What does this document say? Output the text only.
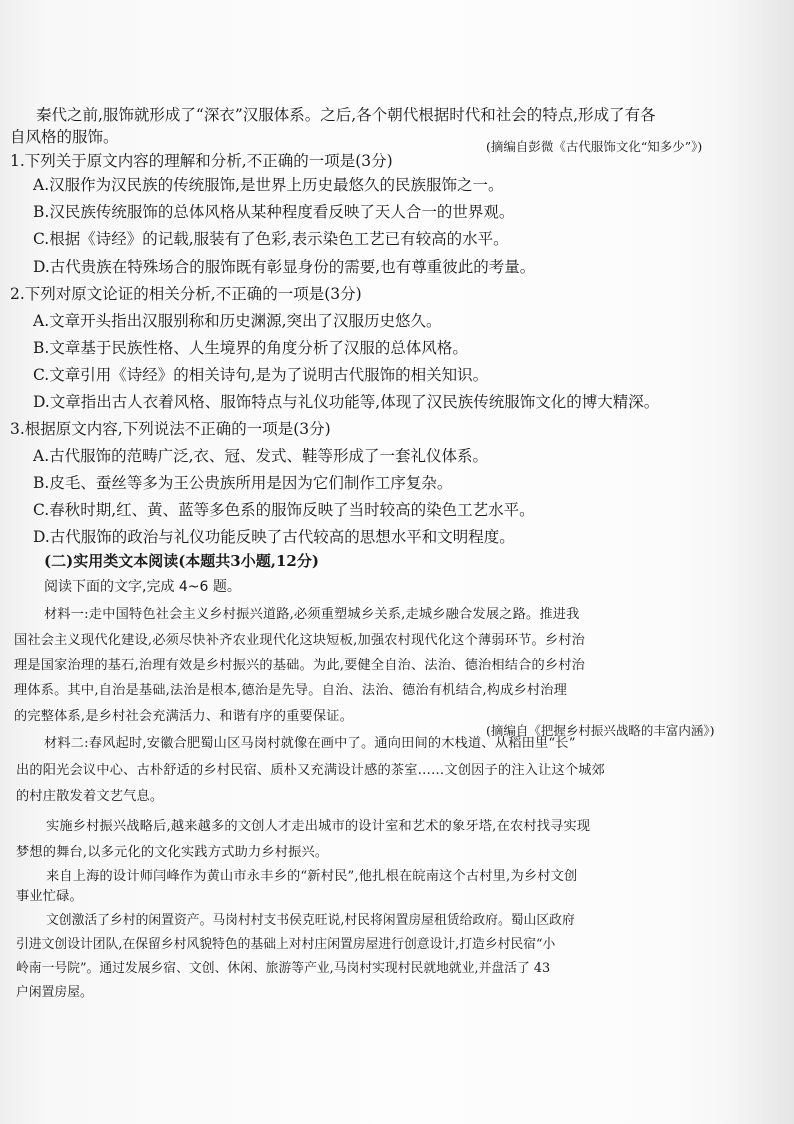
秦代之前,服饰就形成了“深衣”汉服体系。之后,各个朝代根据时代和社会的特点,形成了有各
自风格的服饰。
(摘编自彭微《古代服饰文化“知多少”》)
1.下列关于原文内容的理解和分析,不正确的一项是(3分)
A.汉服作为汉民族的传统服饰,是世界上历史最悠久的民族服饰之一。
B.汉民族传统服饰的总体风格从某种程度看反映了天人合一的世界观。
C.根据《诗经》的记载,服装有了色彩,表示染色工艺已有较高的水平。
D.古代贵族在特殊场合的服饰既有彰显身份的需要,也有尊重彼此的考量。
2.下列对原文论证的相关分析,不正确的一项是(3分)
A.文章开头指出汉服别称和历史渊源,突出了汉服历史悠久。
B.文章基于民族性格、人生境界的角度分析了汉服的总体风格。
C.文章引用《诗经》的相关诗句,是为了说明古代服饰的相关知识。
D.文章指出古人衣着风格、服饰特点与礼仪功能等,体现了汉民族传统服饰文化的博大精深。
3.根据原文内容,下列说法不正确的一项是(3分)
A.古代服饰的范畴广泛,衣、冠、发式、鞋等形成了一套礼仪体系。
B.皮毛、蚕丝等多为王公贵族所用是因为它们制作工序复杂。
C.春秋时期,红、黄、蓝等多色系的服饰反映了当时较高的染色工艺水平。
D.古代服饰的政治与礼仪功能反映了古代较高的思想水平和文明程度。
(二)实用类文本阅读(本题共3小题,12分)
阅读下面的文字,完成 4~6 题。
材料一:走中国特色社会主义乡村振兴道路,必须重塑城乡关系,走城乡融合发展之路。推进我
国社会主义现代化建设,必须尽快补齐农业现代化这块短板,加强农村现代化这个薄弱环节。乡村治
理是国家治理的基石,治理有效是乡村振兴的基础。为此,要健全自治、法治、德治相结合的乡村治
理体系。其中,自治是基础,法治是根本,德治是先导。自治、法治、德治有机结合,构成乡村治理
的完整体系,是乡村社会充满活力、和谐有序的重要保证。
(摘编自《把握乡村振兴战略的丰富内涵》)
材料二:春风起时,安徽合肥蜀山区马岗村就像在画中了。通向田间的木栈道、从稻田里“长”
出的阳光会议中心、古朴舒适的乡村民宿、质朴又充满设计感的茶室……文创因子的注入让这个城郊
的村庄散发着文艺气息。
实施乡村振兴战略后,越来越多的文创人才走出城市的设计室和艺术的象牙塔,在农村找寻实现
梦想的舞台,以多元化的文化实践方式助力乡村振兴。
来自上海的设计师闫峰作为黄山市永丰乡的“新村民”,他扎根在皖南这个古村里,为乡村文创
事业忙碌。
文创激活了乡村的闲置资产。马岗村村支书侯克旺说,村民将闲置房屋租赁给政府。蜀山区政府
引进文创设计团队,在保留乡村风貌特色的基础上对村庄闲置房屋进行创意设计,打造乡村民宿“小
岭南一号院”。通过发展乡宿、文创、休闲、旅游等产业,马岗村实现村民就地就业,并盘活了 43
户闲置房屋。
